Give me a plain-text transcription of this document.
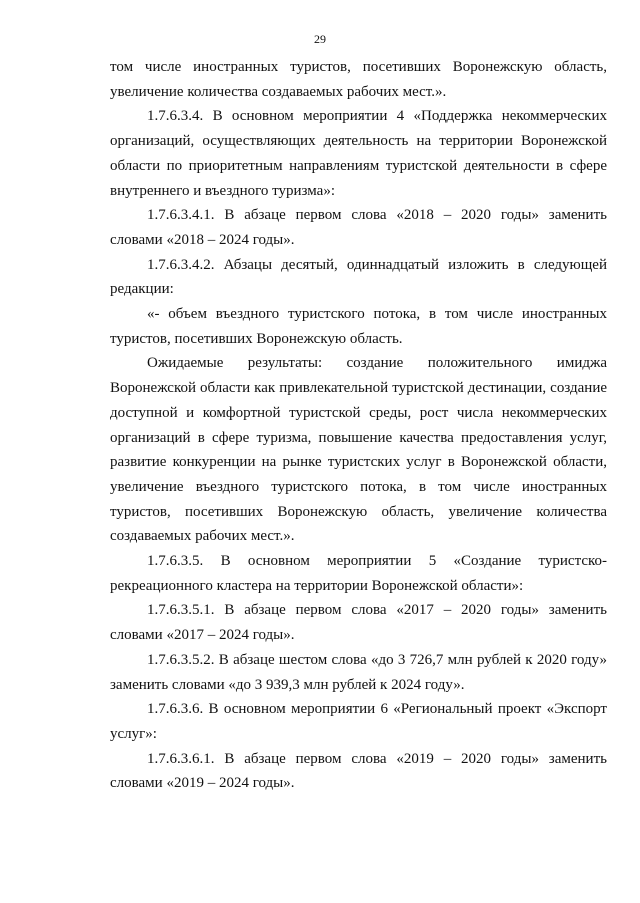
29

том числе иностранных туристов, посетивших Воронежскую область, увеличение количества создаваемых рабочих мест.».

1.7.6.3.4. В основном мероприятии 4 «Поддержка некоммерческих организаций, осуществляющих деятельность на территории Воронежской области по приоритетным направлениям туристской деятельности в сфере внутреннего и въездного туризма»:

1.7.6.3.4.1. В абзаце первом слова «2018 – 2020 годы» заменить словами «2018 – 2024 годы».

1.7.6.3.4.2. Абзацы десятый, одиннадцатый изложить в следующей редакции:

«- объем въездного туристского потока, в том числе иностранных туристов, посетивших Воронежскую область.

Ожидаемые результаты: создание положительного имиджа Воронежской области как привлекательной туристской дестинации, создание доступной и комфортной туристской среды, рост числа некоммерческих организаций в сфере туризма, повышение качества предоставления услуг, развитие конкуренции на рынке туристских услуг в Воронежской области, увеличение въездного туристского потока, в том числе иностранных туристов, посетивших Воронежскую область, увеличение количества создаваемых рабочих мест.».

1.7.6.3.5. В основном мероприятии 5 «Создание туристско-рекреационного кластера на территории Воронежской области»:

1.7.6.3.5.1. В абзаце первом слова «2017 – 2020 годы» заменить словами «2017 – 2024 годы».

1.7.6.3.5.2. В абзаце шестом слова «до 3 726,7 млн рублей к 2020 году» заменить словами «до 3 939,3 млн рублей к 2024 году».

1.7.6.3.6. В основном мероприятии 6 «Региональный проект «Экспорт услуг»:

1.7.6.3.6.1. В абзаце первом слова «2019 – 2020 годы» заменить словами «2019 – 2024 годы».
